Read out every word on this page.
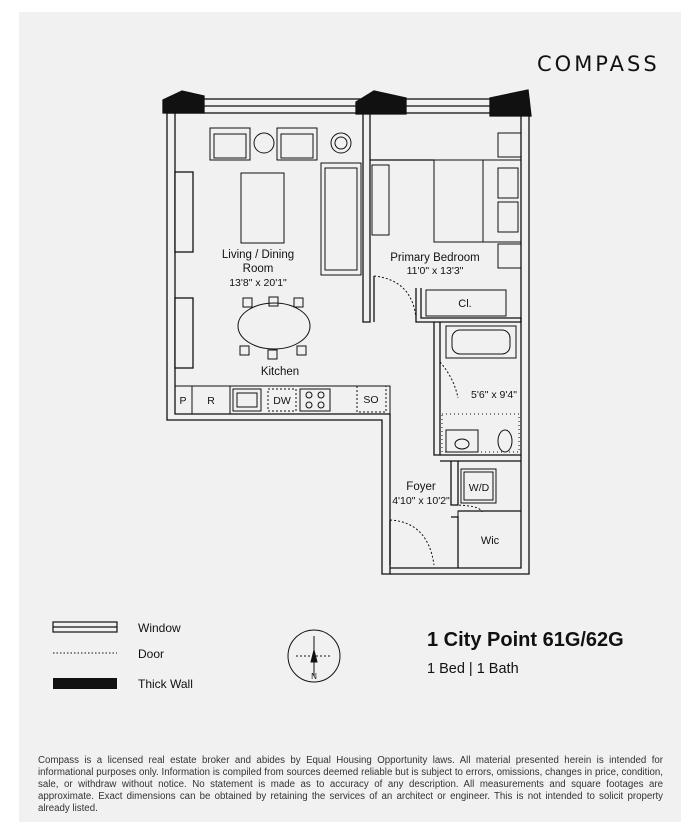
COMPASS
Living / Dining
Room
13'8" x 20'1"
Kitchen
Primary Bedroom
11'0" x 13'3"
Cl.
5'6" x 9'4"
Foyer
4'10" x 10'2"
W/D
Wic
P R	DW	SO
N
Window
Door
Thick Wall
1 City Point 61G/62G
1 Bed | 1 Bath
Compass is a licensed real estate broker and abides by Equal Housing Opportunity laws. All material presented herein is intended for informational purposes only. Information is compiled from sources deemed reliable but is subject to errors, omissions, changes in price, condition, sale, or withdraw without notice. No statement is made as to accuracy of any description. All measurements and square footages are approximate. Exact dimensions can be obtained by retaining the services of an architect or engineer. This is not intended to solicit property already listed.
